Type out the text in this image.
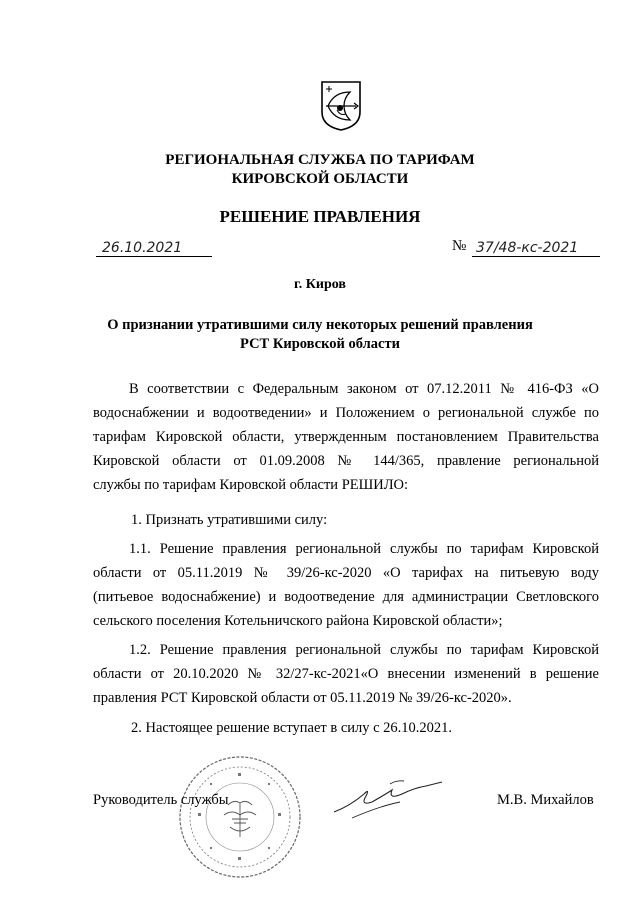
РЕГИОНАЛЬНАЯ СЛУЖБА ПО ТАРИФАМ
КИРОВСКОЙ ОБЛАСТИ
РЕШЕНИЕ ПРАВЛЕНИЯ
26.10.2021	№ 37/48-кс-2021
г. Киров
О признании утратившими силу некоторых решений правления
РСТ Кировской области
В соответствии с Федеральным законом от 07.12.2011 № 416-ФЗ «О
водоснабжении и водоотведении» и Положением о региональной службе по
тарифам Кировской области, утвержденным постановлением Правительства
Кировской области от 01.09.2008 № 144/365, правление региональной
службы по тарифам Кировской области РЕШИЛО:
1. Признать утратившими силу:
1.1. Решение правления региональной службы по тарифам Кировской
области от 05.11.2019 № 39/26-кс-2020 «О тарифах на питьевую воду
(питьевое водоснабжение) и водоотведение для администрации Светловского
сельского поселения Котельничского района Кировской области»;
1.2. Решение правления региональной службы по тарифам Кировской
области от 20.10.2020 № 32/27-кс-2021«О внесении изменений в решение
правления РСТ Кировской области от 05.11.2019 № 39/26-кс-2020».
2. Настоящее решение вступает в силу с 26.10.2021.
Руководитель службы	М.В. Михайлов
